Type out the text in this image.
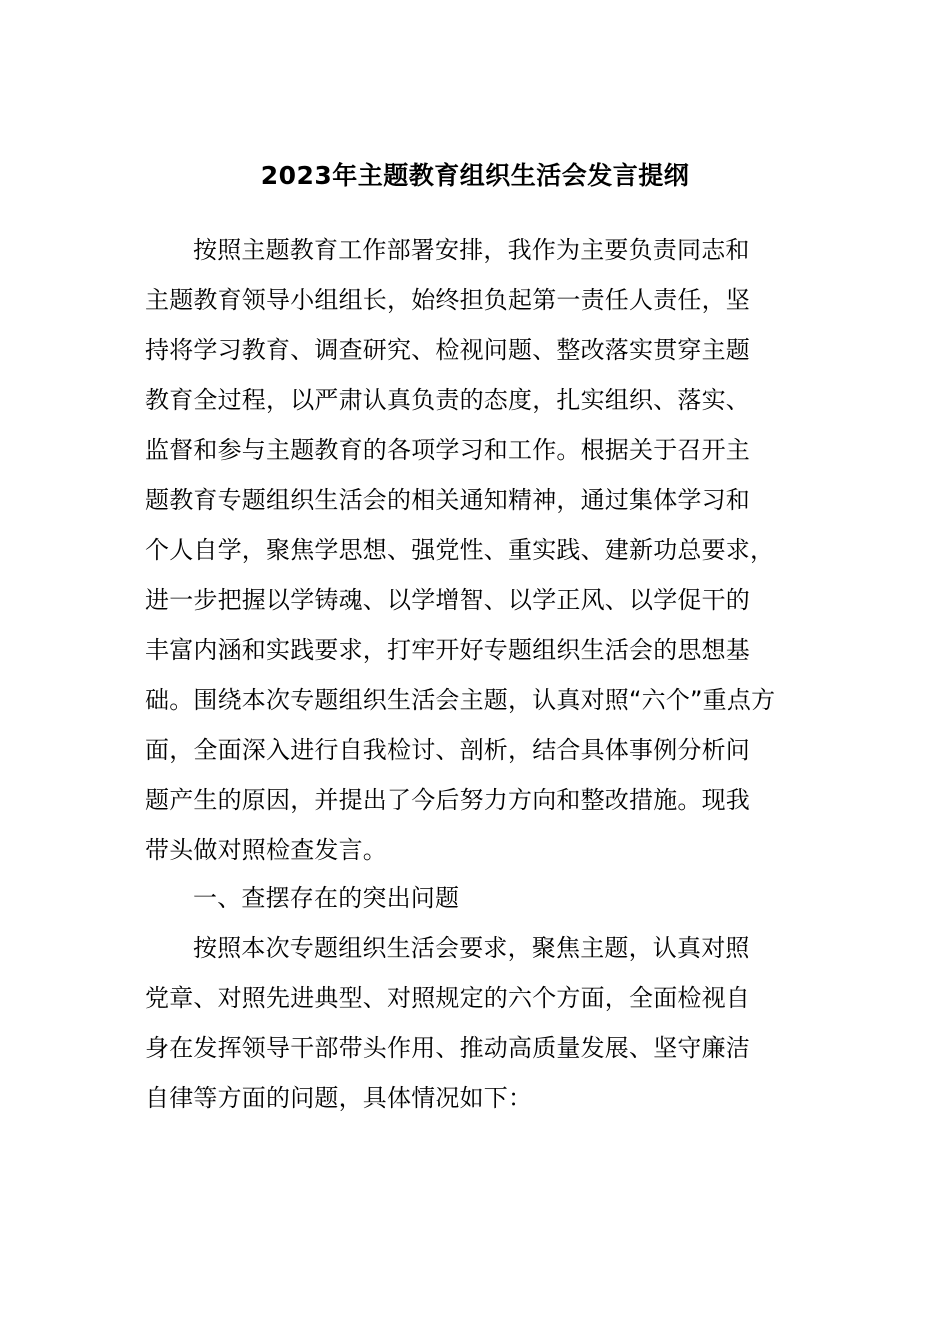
2023年主题教育组织生活会发言提纲
按照主题教育工作部署安排，我作为主要负责同志和
主题教育领导小组组长，始终担负起第一责任人责任，坚
持将学习教育、调查研究、检视问题、整改落实贯穿主题
教育全过程，以严肃认真负责的态度，扎实组织、落实、
监督和参与主题教育的各项学习和工作。根据关于召开主
题教育专题组织生活会的相关通知精神，通过集体学习和
个人自学，聚焦学思想、强党性、重实践、建新功总要求，
进一步把握以学铸魂、以学增智、以学正风、以学促干的
丰富内涵和实践要求，打牢开好专题组织生活会的思想基
础。围绕本次专题组织生活会主题，认真对照“六个”重点方
面，全面深入进行自我检讨、剖析，结合具体事例分析问
题产生的原因，并提出了今后努力方向和整改措施。现我
带头做对照检查发言。
一、查摆存在的突出问题
按照本次专题组织生活会要求，聚焦主题，认真对照
党章、对照先进典型、对照规定的六个方面，全面检视自
身在发挥领导干部带头作用、推动高质量发展、坚守廉洁
自律等方面的问题，具体情况如下：
